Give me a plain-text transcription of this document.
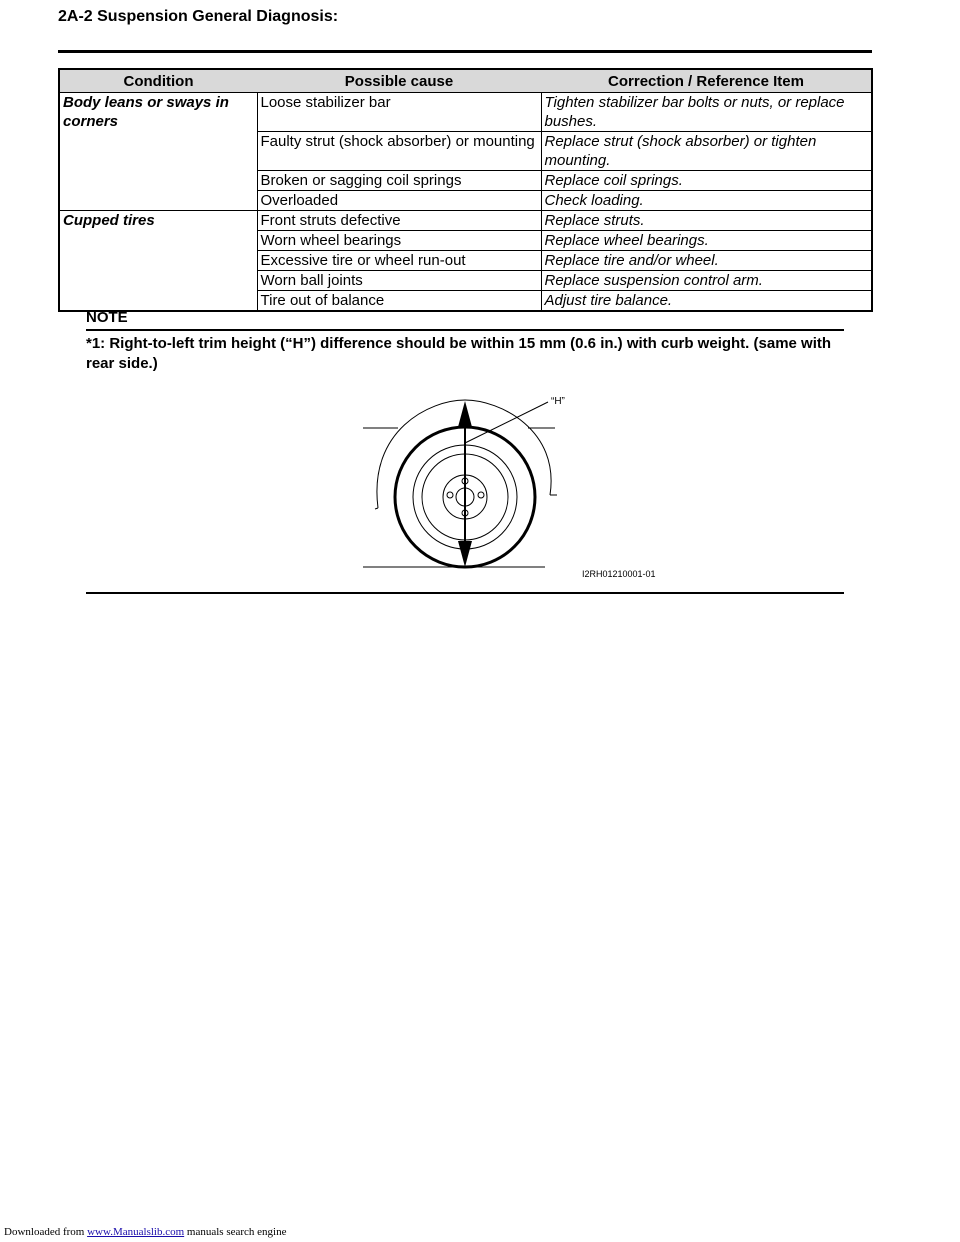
2A-2 Suspension General Diagnosis:
Condition	Possible cause	Correction / Reference Item
Body leans or sways in corners	Loose stabilizer bar	Tighten stabilizer bar bolts or nuts, or replace bushes.
	Faulty strut (shock absorber) or mounting	Replace strut (shock absorber) or tighten mounting.
	Broken or sagging coil springs	Replace coil springs.
	Overloaded	Check loading.
Cupped tires	Front struts defective	Replace struts.
	Worn wheel bearings	Replace wheel bearings.
	Excessive tire or wheel run-out	Replace tire and/or wheel.
	Worn ball joints	Replace suspension control arm.
	Tire out of balance	Adjust tire balance.
NOTE
*1: Right-to-left trim height (“H”) difference should be within 15 mm (0.6 in.) with curb weight. (same with rear side.)
“H”
I2RH01210001-01
Downloaded from www.Manualslib.com manuals search engine
